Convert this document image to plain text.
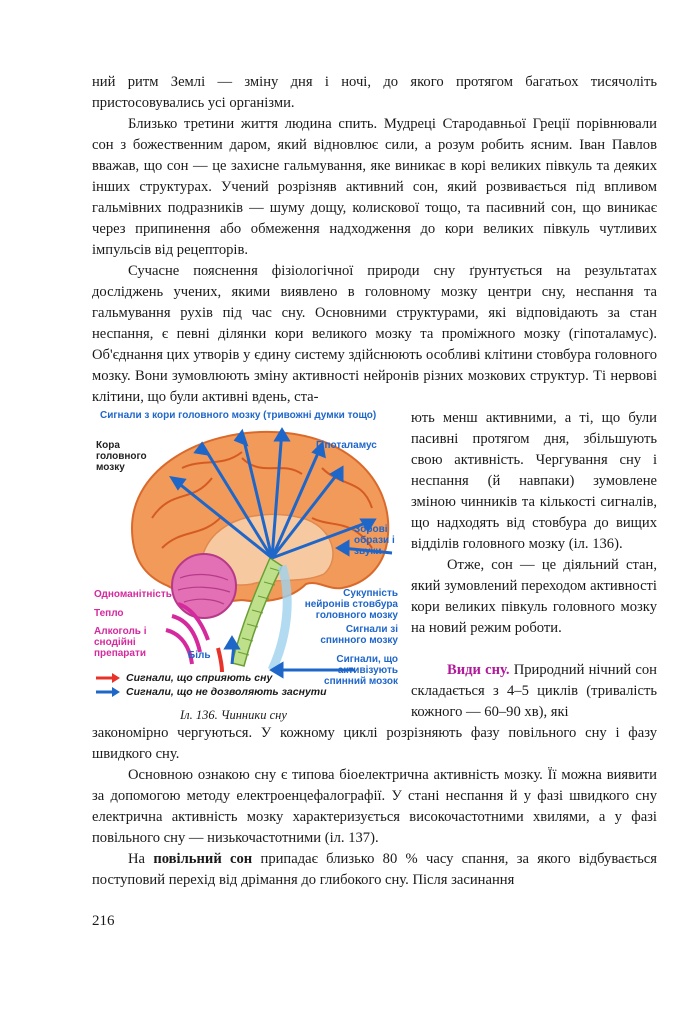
ний ритм Землі — зміну дня і ночі, до якого протягом багатьох тисячоліть пристосовувались усі організми.

Близько третини життя людина спить. Мудреці Стародавньої Греції порівнювали сон з божественним даром, який відновлює сили, а розум робить ясним. Іван Павлов вважав, що сон — це захисне гальмування, яке виникає в корі великих півкуль та деяких інших структурах. Учений розрізняв активний сон, який розвивається під впливом гальмівних подразників — шуму дощу, колискової тощо, та пасивний сон, що виникає через припинення або обмеження надходження до кори великих півкуль чутливих імпульсів від рецепторів.

Сучасне пояснення фізіологічної природи сну ґрунтується на результатах досліджень учених, якими виявлено в головному мозку центри сну, неспання та гальмування рухів під час сну. Основними структурами, які відповідають за стан неспання, є певні ділянки кори великого мозку та проміжного мозку (гіпоталамус). Об'єднання цих утворів у єдину систему здійснюють особливі клітини стовбура головного мозку. Вони зумовлюють зміну активності нейронів різних мозкових структур. Ті нервові клітини, що були активні вдень, ста-

ють менш активними, а ті, що були пасивні протягом дня, збільшують свою активність. Чергування сну і неспання (й навпаки) зумовлене зміною чинників та кількості сигналів, що надходять від стовбура до вищих відділів головного мозку (іл. 136).

Отже, сон — це діяльний стан, який зумовлений переходом активності кори великих півкуль головного мозку на новий режим роботи.

Види сну. Природний нічний сон складається з 4–5 циклів (тривалість кожного — 60–90 хв), які

закономірно чергуються. У кожному циклі розрізняють фазу повільного сну і фазу швидкого сну.

Основною ознакою сну є типова біоелектрична активність мозку. Її можна виявити за допомогою методу електроенцефалографії. У стані неспання й у фазі швидкого сну електрична активність мозку характеризується високочастотними хвилями, а у фазі повільного сну — низькочастотними (іл. 137).

На повільний сон припадає близько 80 % часу спання, за якого відбувається поступовий перехід від дрімання до глибокого сну. Після засинання

Сигнали з кори головного мозку (тривожні думки тощо)
Кора головного мозку
Гіпоталамус
Зорові образи і звуки
Одноманітність
Тепло
Алкоголь і снодійні препарати	Біль
Сукупність нейронів стовбура головного мозку
Сигнали зі спинного мозку
Сигнали, що активізують спинний мозок
Сигнали, що сприяють сну
Сигнали, що не дозволяють заснути
Іл. 136. Чинники сну
216
